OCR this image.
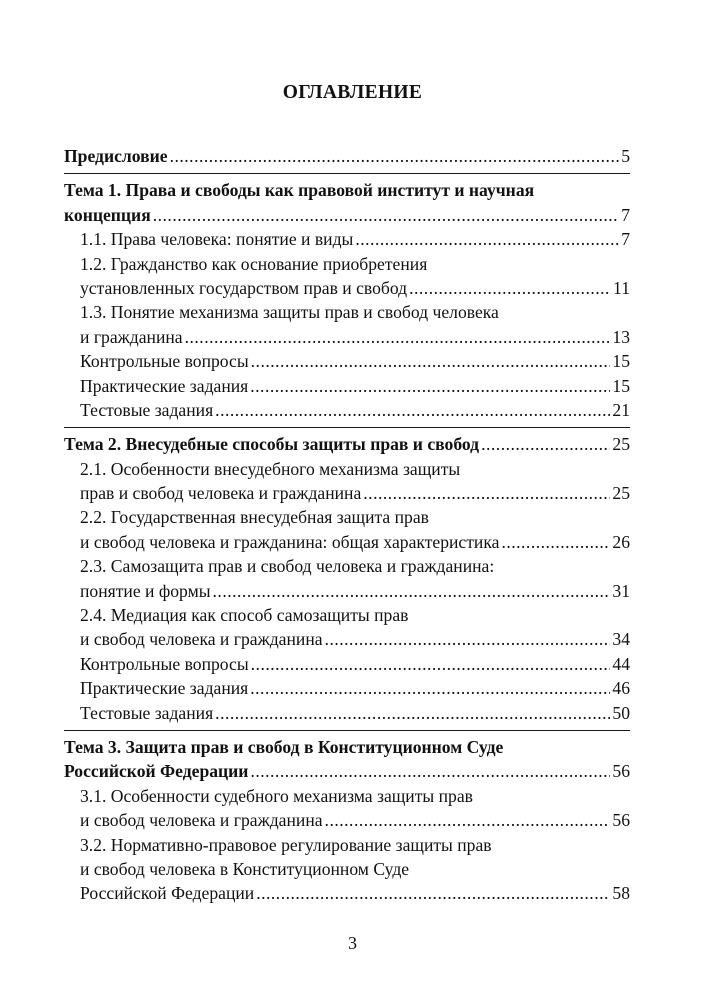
ОГЛАВЛЕНИЕ
Предисловие .....	5
Тема 1. Права и свободы как правовой институт и научная
концепция .....	7
1.1. Права человека: понятие и виды .....	7
1.2. Гражданство как основание приобретения
установленных государством прав и свобод .....	11
1.3. Понятие механизма защиты прав и свобод человека
и гражданина .....	13
Контрольные вопросы .....	15
Практические задания .....	15
Тестовые задания .....	21
Тема 2. Внесудебные способы защиты прав и свобод .....	25
2.1. Особенности внесудебного механизма защиты
прав и свобод человека и гражданина .....	25
2.2. Государственная внесудебная защита прав
и свобод человека и гражданина: общая характеристика .....	26
2.3. Самозащита прав и свобод человека и гражданина:
понятие и формы .....	31
2.4. Медиация как способ самозащиты прав
и свобод человека и гражданина .....	34
Контрольные вопросы .....	44
Практические задания .....	46
Тестовые задания .....	50
Тема 3. Защита прав и свобод в Конституционном Суде
Российской Федерации .....	56
3.1. Особенности судебного механизма защиты прав
и свобод человека и гражданина .....	56
3.2. Нормативно-правовое регулирование защиты прав
и свобод человека в Конституционном Суде
Российской Федерации .....	58
3
